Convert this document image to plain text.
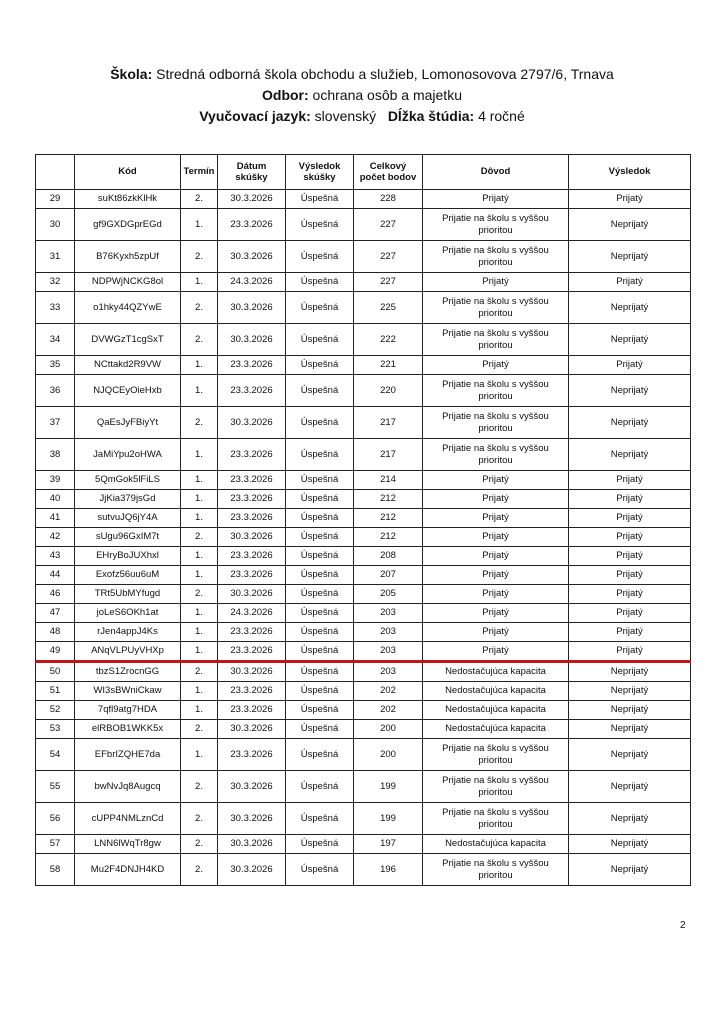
Škola: Stredná odborná škola obchodu a služieb, Lomonosovova 2797/6, Trnava
Odbor: ochrana osôb a majetku
Vyučovací jazyk: slovenský Dĺžka štúdia: 4 ročné
	Kód	Termín	Dátum skúšky	Výsledok skúšky	Celkový počet bodov	Dôvod	Výsledok
29	suKt86zkKlHk	2.	30.3.2026	Úspešná	228	Prijatý	Prijatý
30	gf9GXDGprEGd	1.	23.3.2026	Úspešná	227	Prijatie na školu s vyššou prioritou	Neprijatý
31	B76Kyxh5zpUf	2.	30.3.2026	Úspešná	227	Prijatie na školu s vyššou prioritou	Neprijatý
32	NDPWjNCKG8ol	1.	24.3.2026	Úspešná	227	Prijatý	Prijatý
33	o1hky44QZYwE	2.	30.3.2026	Úspešná	225	Prijatie na školu s vyššou prioritou	Neprijatý
34	DVWGzT1cgSxT	2.	30.3.2026	Úspešná	222	Prijatie na školu s vyššou prioritou	Neprijatý
35	NCttakd2R9VW	1.	23.3.2026	Úspešná	221	Prijatý	Prijatý
36	NJQCEyOieHxb	1.	23.3.2026	Úspešná	220	Prijatie na školu s vyššou prioritou	Neprijatý
37	QaEsJyFBiyYt	2.	30.3.2026	Úspešná	217	Prijatie na školu s vyššou prioritou	Neprijatý
38	JaMiYpu2oHWA	1.	23.3.2026	Úspešná	217	Prijatie na školu s vyššou prioritou	Neprijatý
39	5QmGok5lFiLS	1.	23.3.2026	Úspešná	214	Prijatý	Prijatý
40	JjKia379jsGd	1.	23.3.2026	Úspešná	212	Prijatý	Prijatý
41	sutvuJQ6jY4A	1.	23.3.2026	Úspešná	212	Prijatý	Prijatý
42	sUgu96GxIM7t	2.	30.3.2026	Úspešná	212	Prijatý	Prijatý
43	EHryBoJUXhxl	1.	23.3.2026	Úspešná	208	Prijatý	Prijatý
44	Exofz56uu6uM	1.	23.3.2026	Úspešná	207	Prijatý	Prijatý
46	TRt5UbMYfugd	2.	30.3.2026	Úspešná	205	Prijatý	Prijatý
47	joLeS6OKh1at	1.	24.3.2026	Úspešná	203	Prijatý	Prijatý
48	rJen4appJ4Ks	1.	23.3.2026	Úspešná	203	Prijatý	Prijatý
49	ANqVLPUyVHXp	1.	23.3.2026	Úspešná	203	Prijatý	Prijatý
50	tbzS1ZrocnGG	2.	30.3.2026	Úspešná	203	Nedostačujúca kapacita	Neprijatý
51	WI3sBWniCkaw	1.	23.3.2026	Úspešná	202	Nedostačujúca kapacita	Neprijatý
52	7qfl9atg7HDA	1.	23.3.2026	Úspešná	202	Nedostačujúca kapacita	Neprijatý
53	elRBOB1WKK5x	2.	30.3.2026	Úspešná	200	Nedostačujúca kapacita	Neprijatý
54	EFbrIZQHE7da	1.	23.3.2026	Úspešná	200	Prijatie na školu s vyššou prioritou	Neprijatý
55	bwNvJq8Augcq	2.	30.3.2026	Úspešná	199	Prijatie na školu s vyššou prioritou	Neprijatý
56	cUPP4NMLznCd	2.	30.3.2026	Úspešná	199	Prijatie na školu s vyššou prioritou	Neprijatý
57	LNN6lWqTr8gw	2.	30.3.2026	Úspešná	197	Nedostačujúca kapacita	Neprijatý
58	Mu2F4DNJH4KD	2.	30.3.2026	Úspešná	196	Prijatie na školu s vyššou prioritou	Neprijatý
2
